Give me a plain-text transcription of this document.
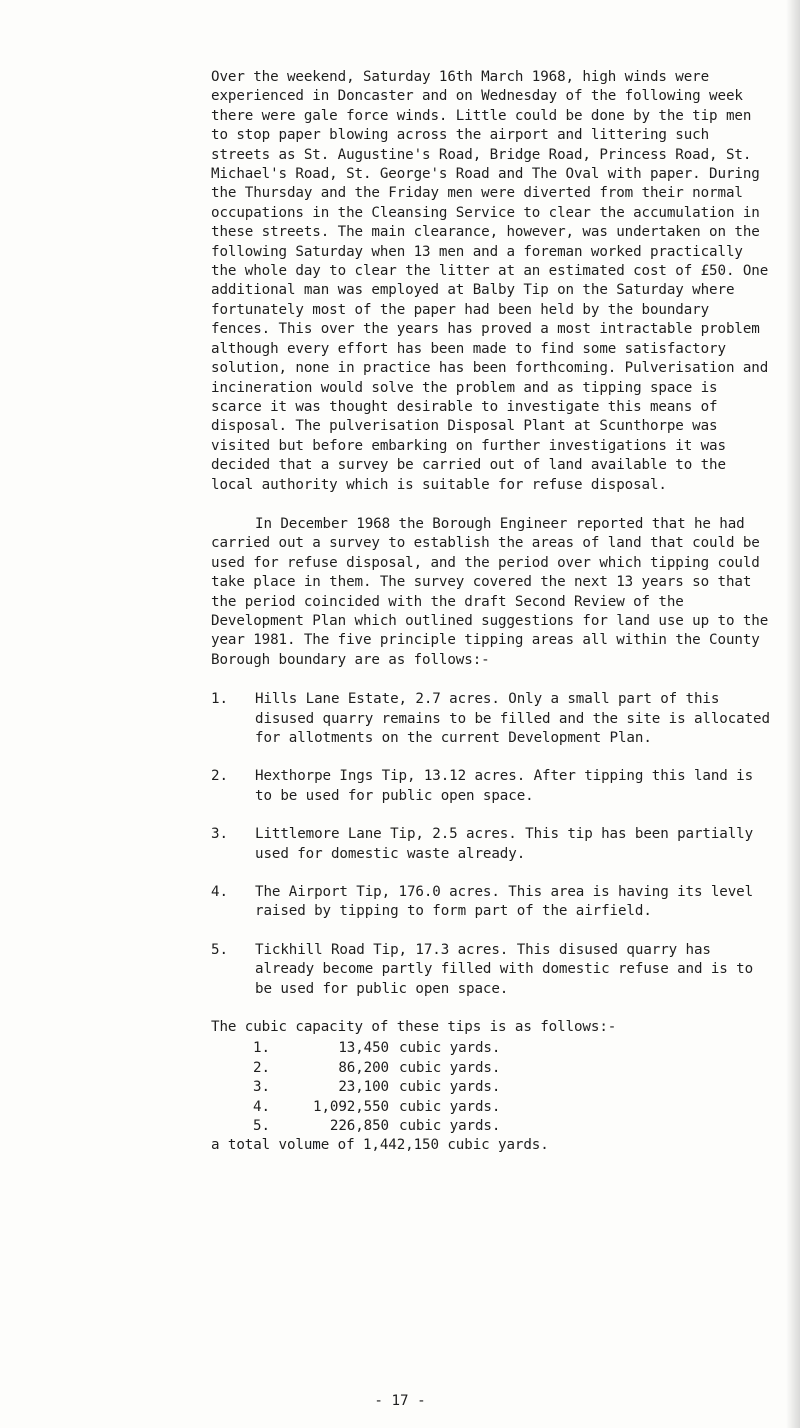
Over the weekend, Saturday 16th March 1968, high winds were experienced in Doncaster and on Wednesday of the following week there were gale force winds. Little could be done by the tip men to stop paper blowing across the airport and littering such streets as St. Augustine's Road, Bridge Road, Princess Road, St. Michael's Road, St. George's Road and The Oval with paper. During the Thursday and the Friday men were diverted from their normal occupations in the Cleansing Service to clear the accumulation in these streets. The main clearance, however, was undertaken on the following Saturday when 13 men and a foreman worked practically the whole day to clear the litter at an estimated cost of £50. One additional man was employed at Balby Tip on the Saturday where fortunately most of the paper had been held by the boundary fences. This over the years has proved a most intractable problem although every effort has been made to find some satisfactory solution, none in practice has been forthcoming. Pulverisation and incineration would solve the problem and as tipping space is scarce it was thought desirable to investigate this means of disposal. The pulverisation Disposal Plant at Scunthorpe was visited but before embarking on further investigations it was decided that a survey be carried out of land available to the local authority which is suitable for refuse disposal.

In December 1968 the Borough Engineer reported that he had carried out a survey to establish the areas of land that could be used for refuse disposal, and the period over which tipping could take place in them. The survey covered the next 13 years so that the period coincided with the draft Second Review of the Development Plan which outlined suggestions for land use up to the year 1981. The five principle tipping areas all within the County Borough boundary are as follows:-

1.	Hills Lane Estate, 2.7 acres. Only a small part of this disused quarry remains to be filled and the site is allocated for allotments on the current Development Plan.
2.	Hexthorpe Ings Tip, 13.12 acres. After tipping this land is to be used for public open space.
3.	Littlemore Lane Tip, 2.5 acres. This tip has been partially used for domestic waste already.
4.	The Airport Tip, 176.0 acres. This area is having its level raised by tipping to form part of the airfield.
5.	Tickhill Road Tip, 17.3 acres. This disused quarry has already become partly filled with domestic refuse and is to be used for public open space.

The cubic capacity of these tips is as follows:-

1.	13,450 cubic yards.
2.	86,200 cubic yards.
3.	23,100 cubic yards.
4.	1,092,550 cubic yards.
5.	226,850 cubic yards.

a total volume of 1,442,150 cubic yards.

- 17 -
